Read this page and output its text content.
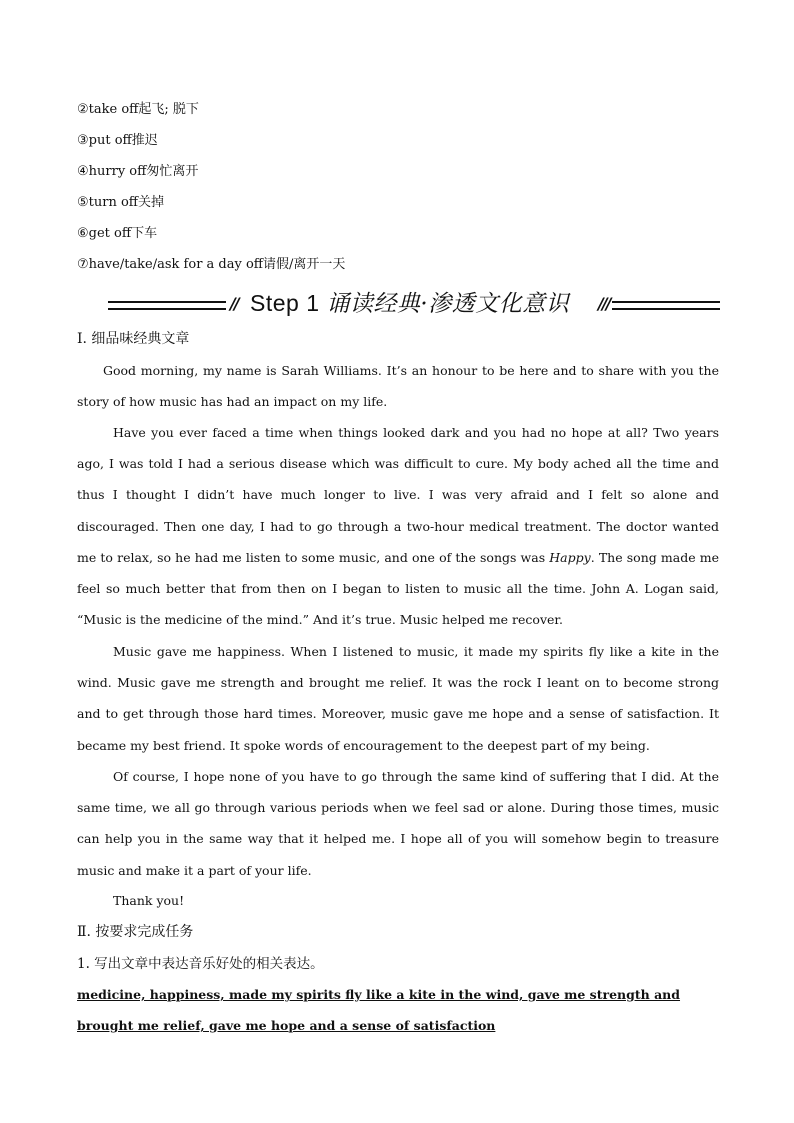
②take off起飞; 脱下
③put off推迟
④hurry off匆忙离开
⑤turn off关掉
⑥get off下车
⑦have/take/ask for a day off请假/离开一天
// Step 1 诵读经典·渗透文化意识 ///
Ⅰ. 细品味经典文章
Good morning, my name is Sarah Williams. It’s an honour to be here and to share with you the story of how music has had an impact on my life.
Have you ever faced a time when things looked dark and you had no hope at all? Two years ago, I was told I had a serious disease which was difficult to cure. My body ached all the time and thus I thought I didn’t have much longer to live. I was very afraid and I felt so alone and discouraged. Then one day, I had to go through a two-hour medical treatment. The doctor wanted me to relax, so he had me listen to some music, and one of the songs was Happy. The song made me feel so much better that from then on I began to listen to music all the time. John A. Logan said, “Music is the medicine of the mind.” And it’s true. Music helped me recover.
Music gave me happiness. When I listened to music, it made my spirits fly like a kite in the wind. Music gave me strength and brought me relief. It was the rock I leant on to become strong and to get through those hard times. Moreover, music gave me hope and a sense of satisfaction. It became my best friend. It spoke words of encouragement to the deepest part of my being.
Of course, I hope none of you have to go through the same kind of suffering that I did. At the same time, we all go through various periods when we feel sad or alone. During those times, music can help you in the same way that it helped me. I hope all of you will somehow begin to treasure music and make it a part of your life.
Thank you!
Ⅱ. 按要求完成任务
1. 写出文章中表达音乐好处的相关表达。
medicine, happiness, made my spirits fly like a kite in the wind, gave me strength and brought me relief, gave me hope and a sense of satisfaction
